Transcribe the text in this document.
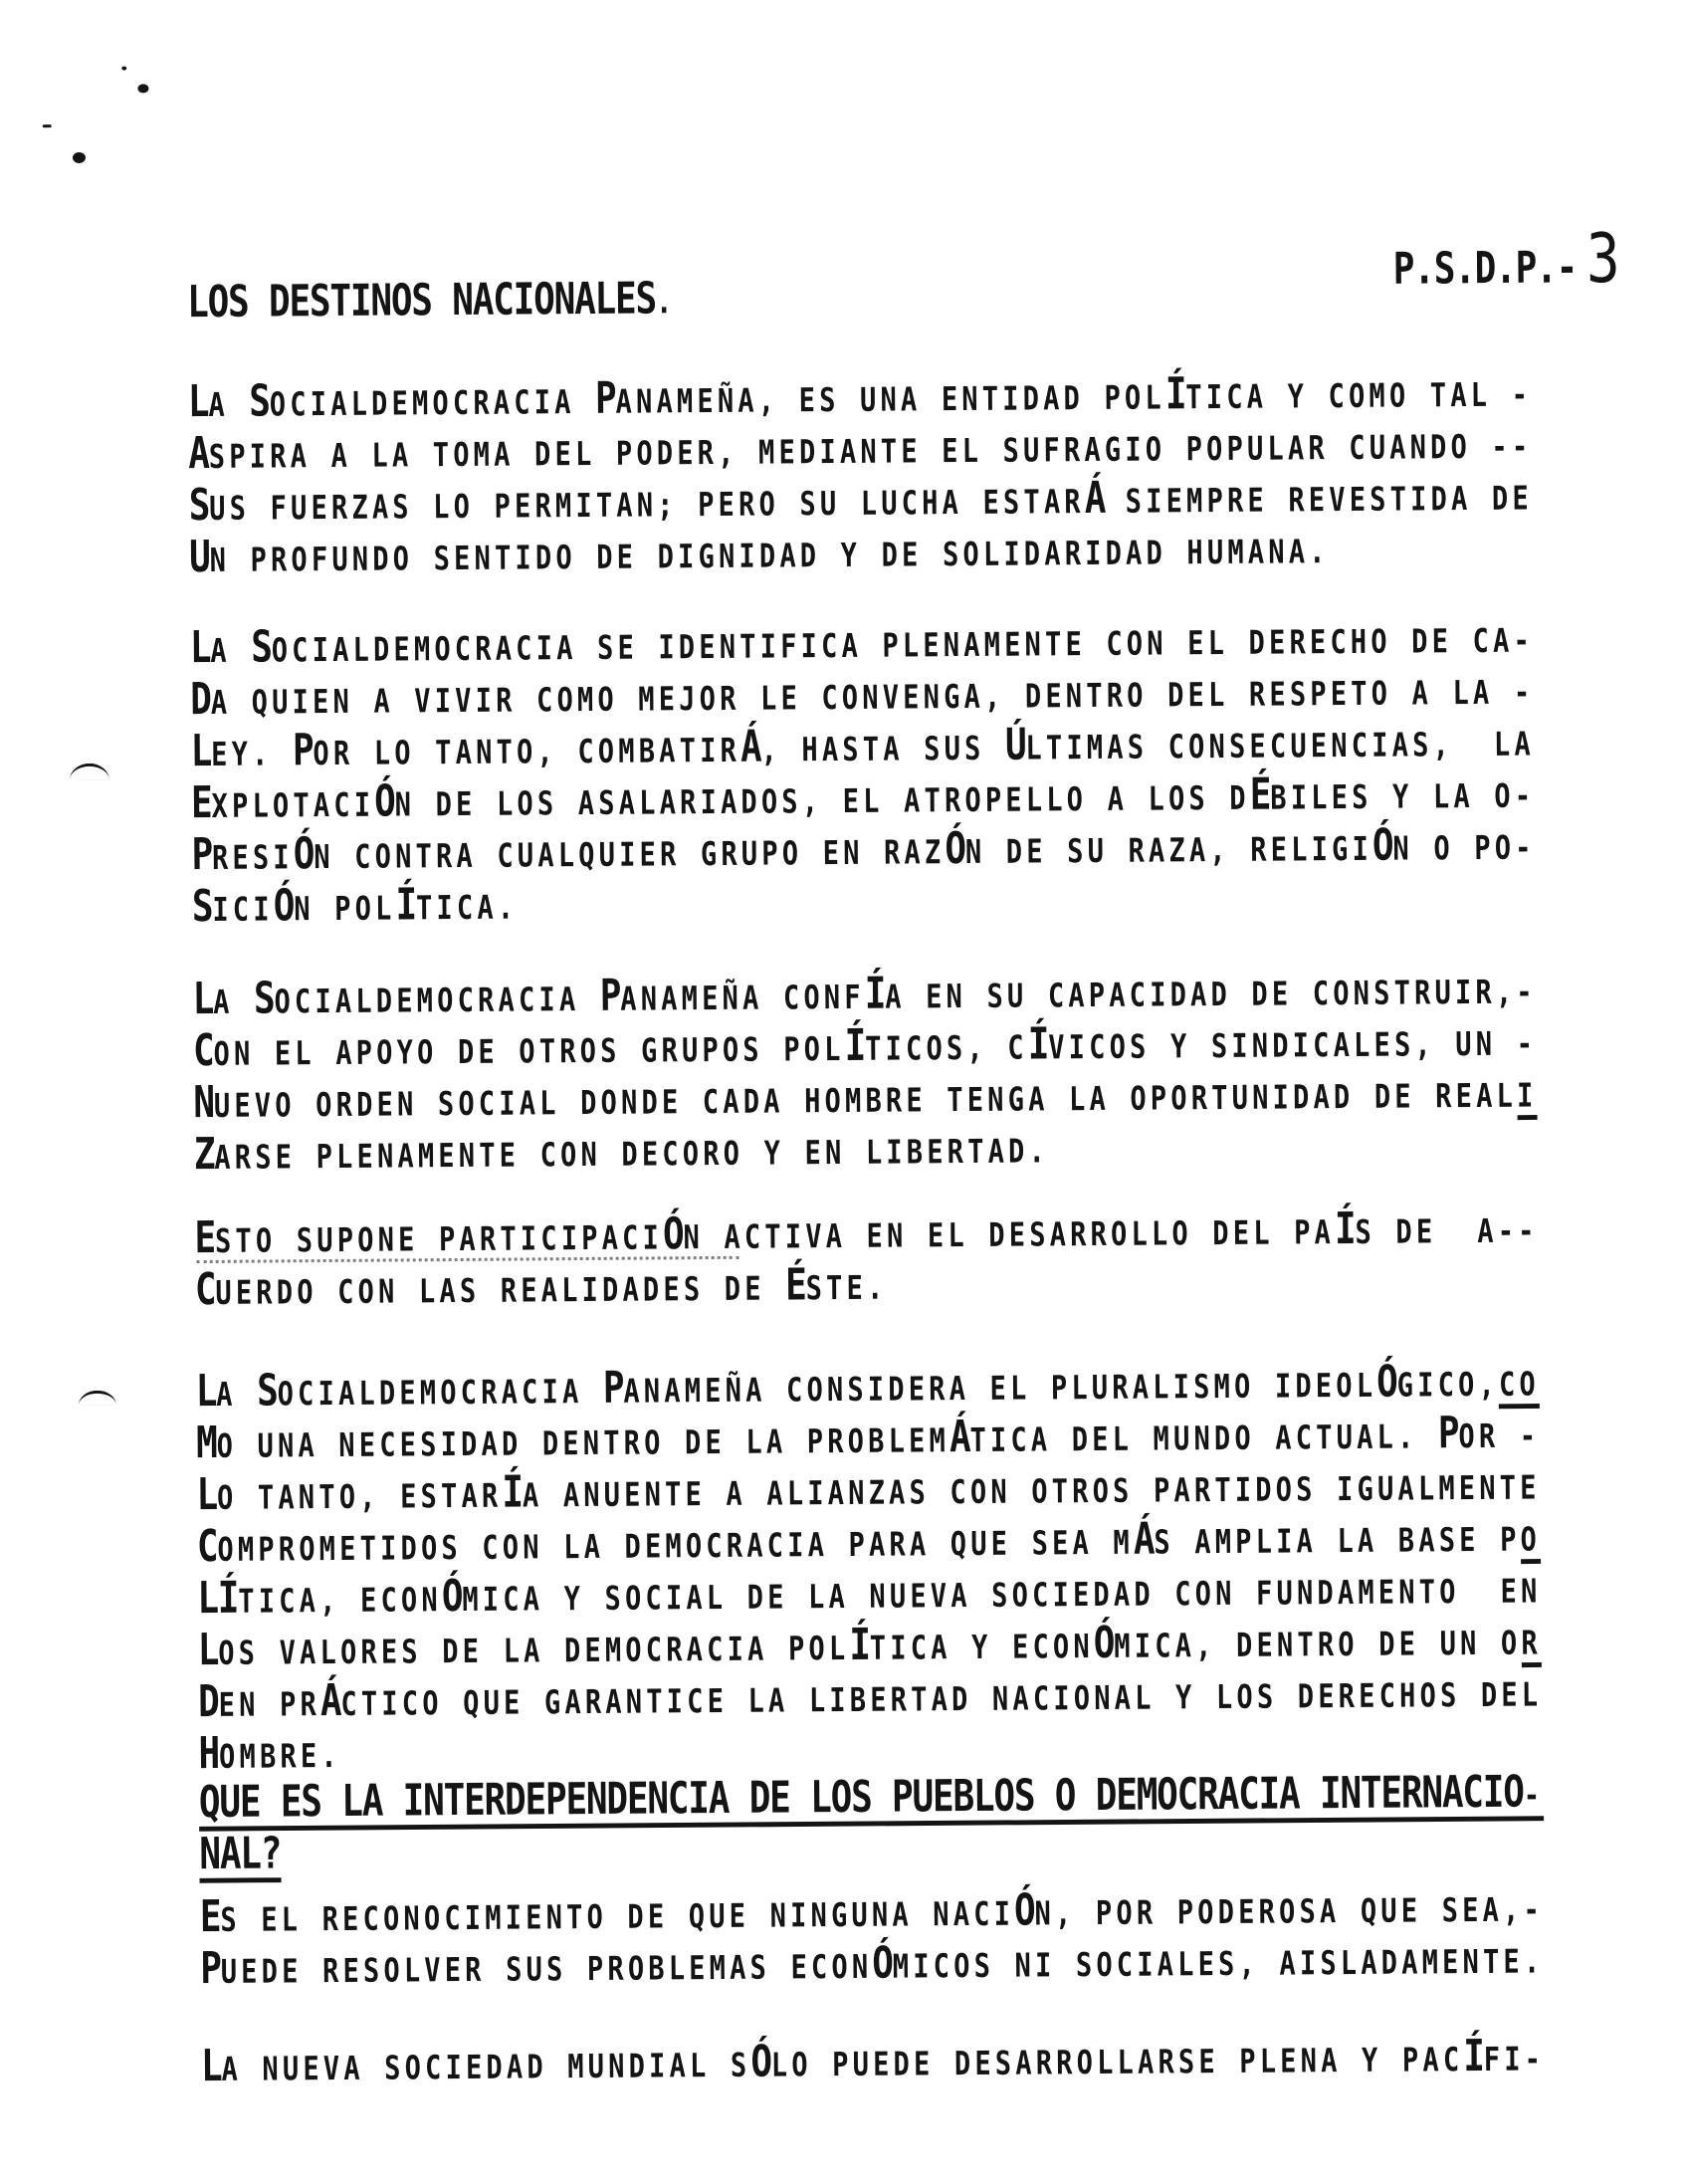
P.S.D.P.- 3

LOS DESTINOS NACIONALES.
LA SOCIALDEMOCRACIA PANAMEÑA, ES UNA ENTIDAD POLÍTICA Y COMO TAL -
ASPIRA A LA TOMA DEL PODER, MEDIANTE EL SUFRAGIO POPULAR CUANDO --
SUS FUERZAS LO PERMITAN; PERO SU LUCHA ESTARÁ SIEMPRE REVESTIDA DE
UN PROFUNDO SENTIDO DE DIGNIDAD Y DE SOLIDARIDAD HUMANA.
LA SOCIALDEMOCRACIA SE IDENTIFICA PLENAMENTE CON EL DERECHO DE CA-
DA QUIEN A VIVIR COMO MEJOR LE CONVENGA, DENTRO DEL RESPETO A LA -
LEY. POR LO TANTO, COMBATIRÁ, HASTA SUS ÚLTIMAS CONSECUENCIAS,  LA
EXPLOTACIÓN DE LOS ASALARIADOS, EL ATROPELLO A LOS DÉBILES Y LA O-
PRESIÓN CONTRA CUALQUIER GRUPO EN RAZÓN DE SU RAZA, RELIGIÓN O PO-
SICIÓN POLÍTICA.
LA SOCIALDEMOCRACIA PANAMEÑA CONFÍA EN SU CAPACIDAD DE CONSTRUIR,-
CON EL APOYO DE OTROS GRUPOS POLÍTICOS, CÍVICOS Y SINDICALES, UN -
NUEVO ORDEN SOCIAL DONDE CADA HOMBRE TENGA LA OPORTUNIDAD DE REALI
ZARSE PLENAMENTE CON DECORO Y EN LIBERTAD.
ESTO SUPONE PARTICIPACIÓN ACTIVA EN EL DESARROLLO DEL PAÍS DE  A--
CUERDO CON LAS REALIDADES DE ÉSTE.
LA SOCIALDEMOCRACIA PANAMEÑA CONSIDERA EL PLURALISMO IDEOLÓGICO,CO
MO UNA NECESIDAD DENTRO DE LA PROBLEMÁTICA DEL MUNDO ACTUAL. POR -
LO TANTO, ESTARÍA ANUENTE A ALIANZAS CON OTROS PARTIDOS IGUALMENTE
COMPROMETIDOS CON LA DEMOCRACIA PARA QUE SEA MÁS AMPLIA LA BASE PO
LÍTICA, ECONÓMICA Y SOCIAL DE LA NUEVA SOCIEDAD CON FUNDAMENTO  EN
LOS VALORES DE LA DEMOCRACIA POLÍTICA Y ECONÓMICA, DENTRO DE UN OR
DEN PRÁCTICO QUE GARANTICE LA LIBERTAD NACIONAL Y LOS DERECHOS DEL
HOMBRE.
QUE ES LA INTERDEPENDENCIA DE LOS PUEBLOS O DEMOCRACIA INTERNACIO-
NAL?
ES EL RECONOCIMIENTO DE QUE NINGUNA NACIÓN, POR PODEROSA QUE SEA,-
PUEDE RESOLVER SUS PROBLEMAS ECONÓMICOS NI SOCIALES, AISLADAMENTE.
LA NUEVA SOCIEDAD MUNDIAL SÓLO PUEDE DESARROLLARSE PLENA Y PACÍFI-
